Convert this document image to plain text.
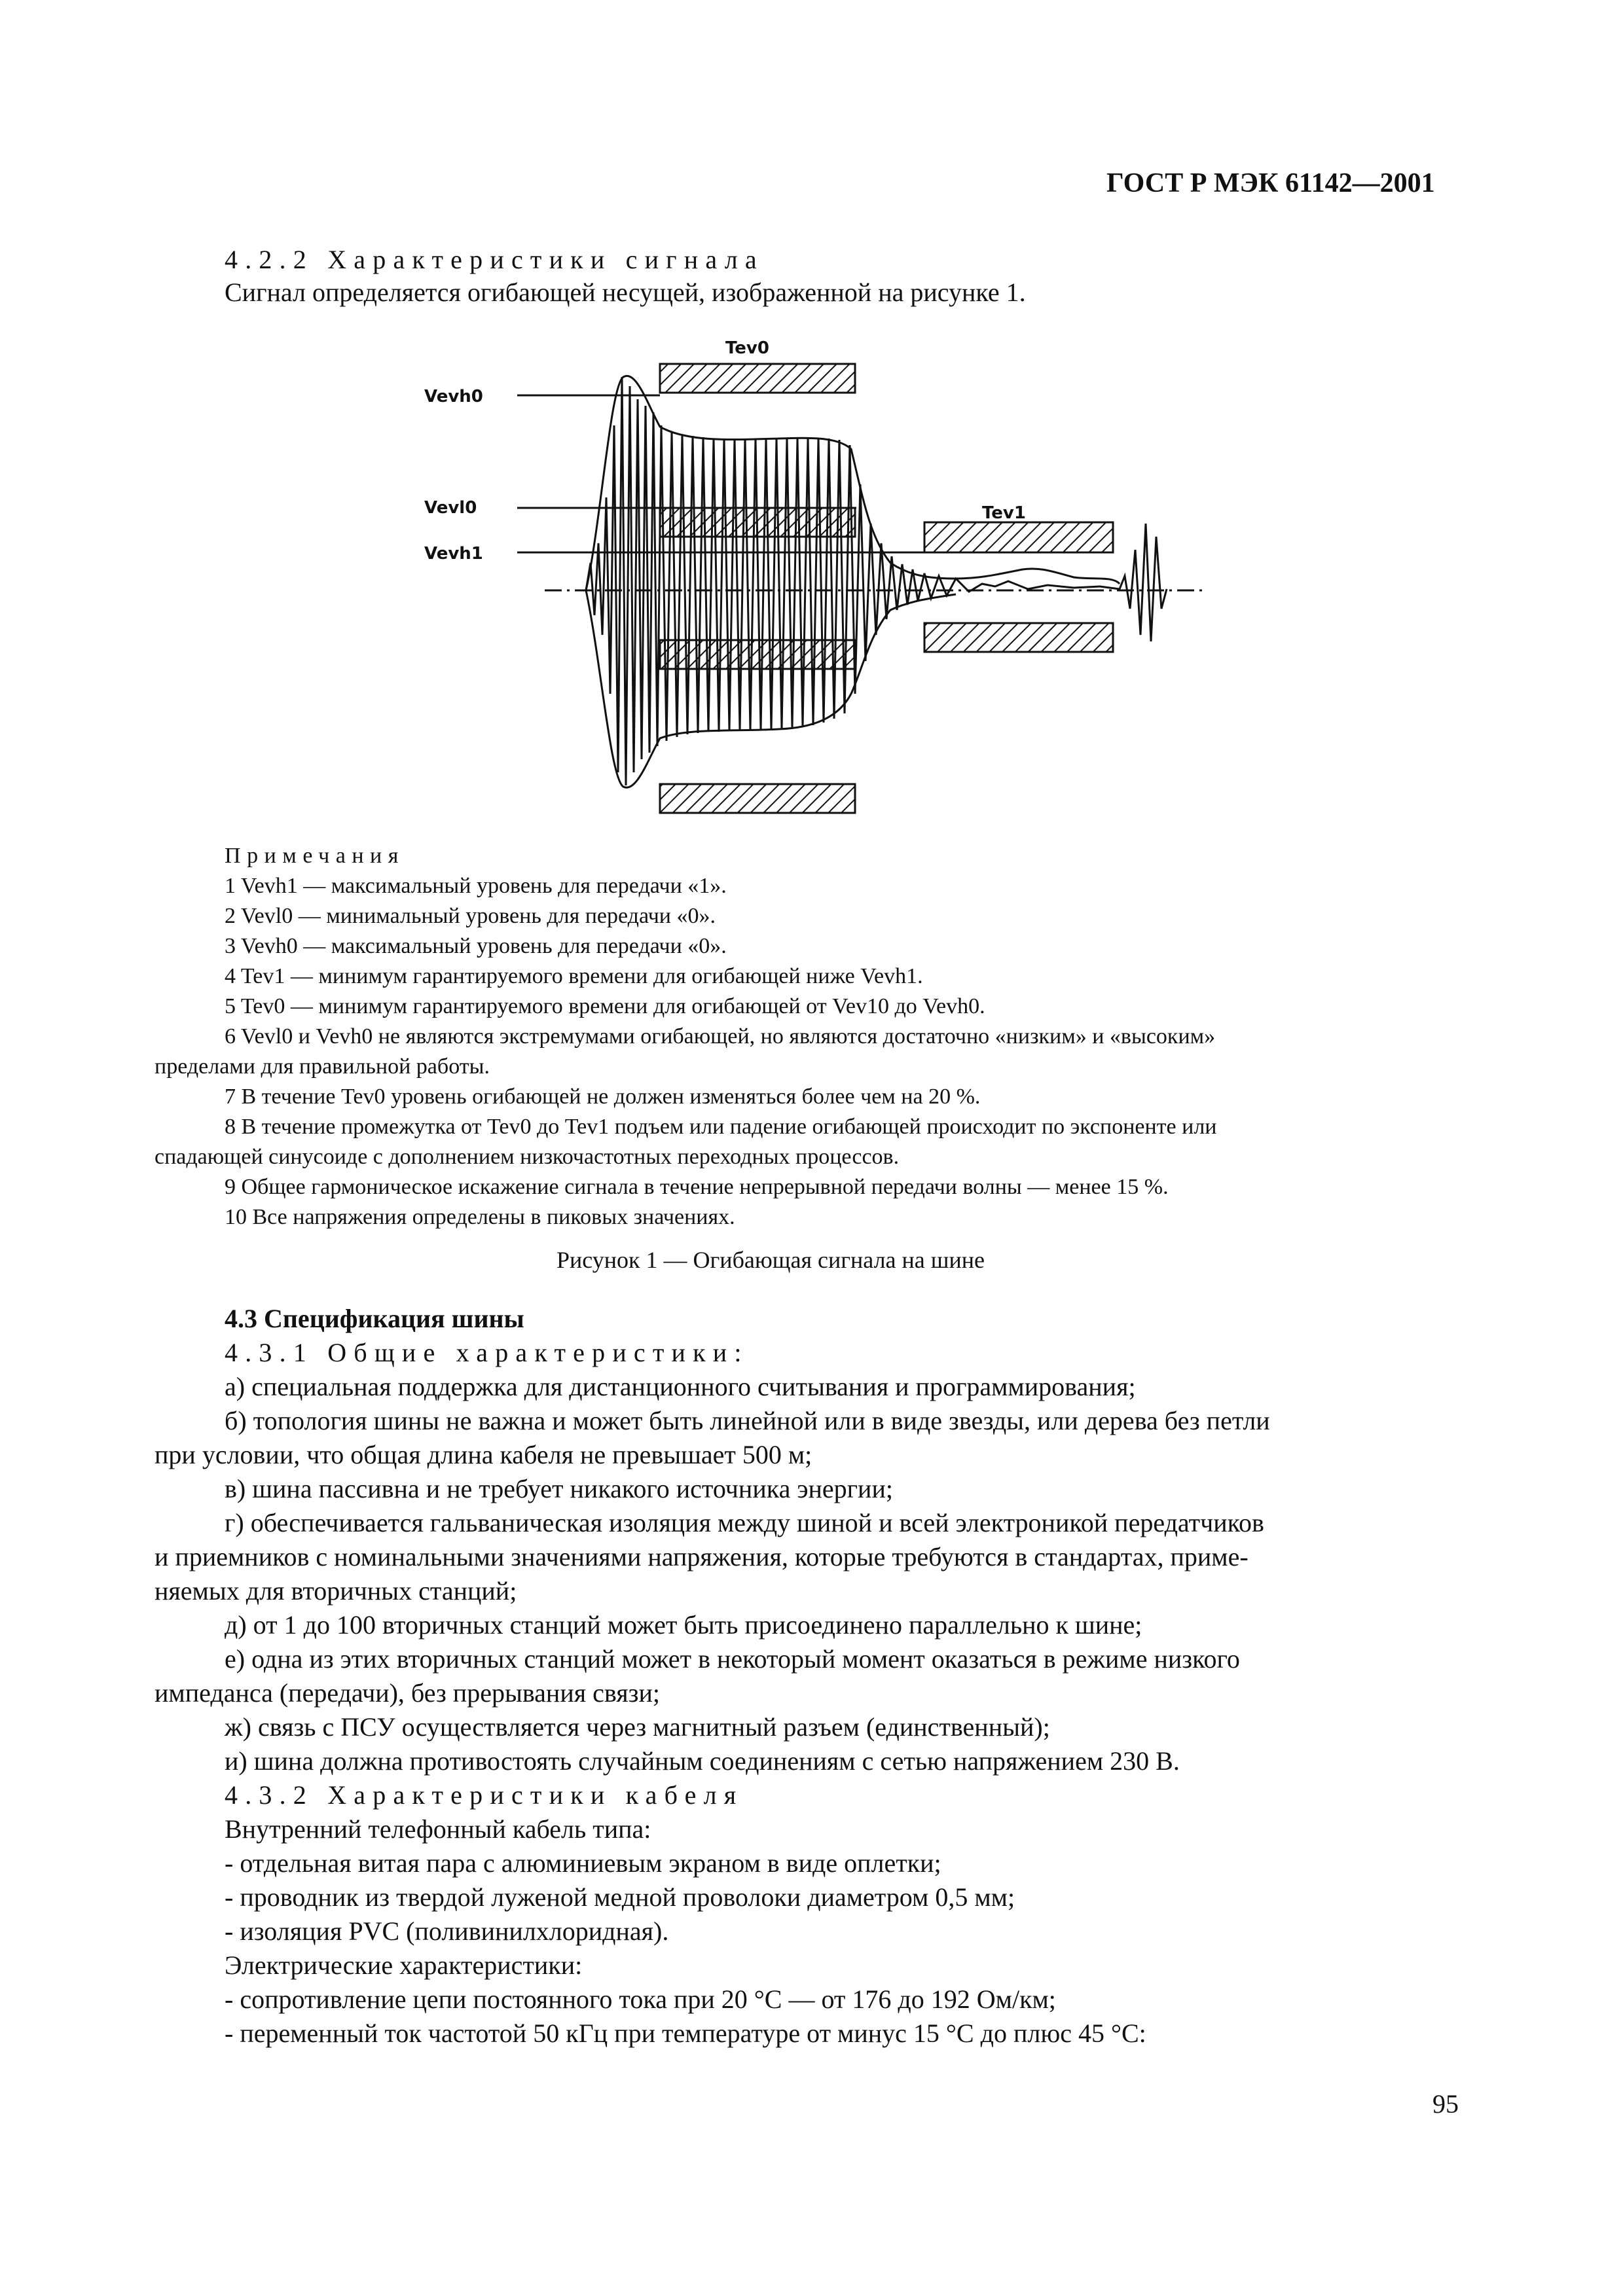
ГОСТ Р МЭК 61142—2001
4.2.2 Характеристики сигнала
Сигнал определяется огибающей несущей, изображенной на рисунке 1.
Tev0
Tev1
Vevh0
Vevl0
Vevh1
Примечания
1 Vevh1 — максимальный уровень для передачи «1».
2 Vevl0 — минимальный уровень для передачи «0».
3 Vevh0 — максимальный уровень для передачи «0».
4 Tev1 — минимум гарантируемого времени для огибающей ниже Vevh1.
5 Tev0 — минимум гарантируемого времени для огибающей от Vev10 до Vevh0.
6 Vevl0 и Vevh0 не являются экстремумами огибающей, но являются достаточно «низким» и «высоким»
пределами для правильной работы.
7 В течение Tev0 уровень огибающей не должен изменяться более чем на 20 %.
8 В течение промежутка от Tev0 до Tev1 подъем или падение огибающей происходит по экспоненте или
спадающей синусоиде с дополнением низкочастотных переходных процессов.
9 Общее гармоническое искажение сигнала в течение непрерывной передачи волны — менее 15 %.
10 Все напряжения определены в пиковых значениях.
Рисунок 1 — Огибающая сигнала на шине
4.3 Спецификация шины
4.3.1 Общие характеристики:
а) специальная поддержка для дистанционного считывания и программирования;
б) топология шины не важна и может быть линейной или в виде звезды, или дерева без петли
при условии, что общая длина кабеля не превышает 500 м;
в) шина пассивна и не требует никакого источника энергии;
г) обеспечивается гальваническая изоляция между шиной и всей электроникой передатчиков
и приемников с номинальными значениями напряжения, которые требуются в стандартах, приме-
няемых для вторичных станций;
д) от 1 до 100 вторичных станций может быть присоединено параллельно к шине;
е) одна из этих вторичных станций может в некоторый момент оказаться в режиме низкого
импеданса (передачи), без прерывания связи;
ж) связь с ПСУ осуществляется через магнитный разъем (единственный);
и) шина должна противостоять случайным соединениям с сетью напряжением 230 В.
4.3.2 Характеристики кабеля
Внутренний телефонный кабель типа:
- отдельная витая пара с алюминиевым экраном в виде оплетки;
- проводник из твердой луженой медной проволоки диаметром 0,5 мм;
- изоляция PVC (поливинилхлоридная).
Электрические характеристики:
- сопротивление цепи постоянного тока при 20 °C — от 176 до 192 Ом/км;
- переменный ток частотой 50 кГц при температуре от минус 15 °C до плюс 45 °C:
95
